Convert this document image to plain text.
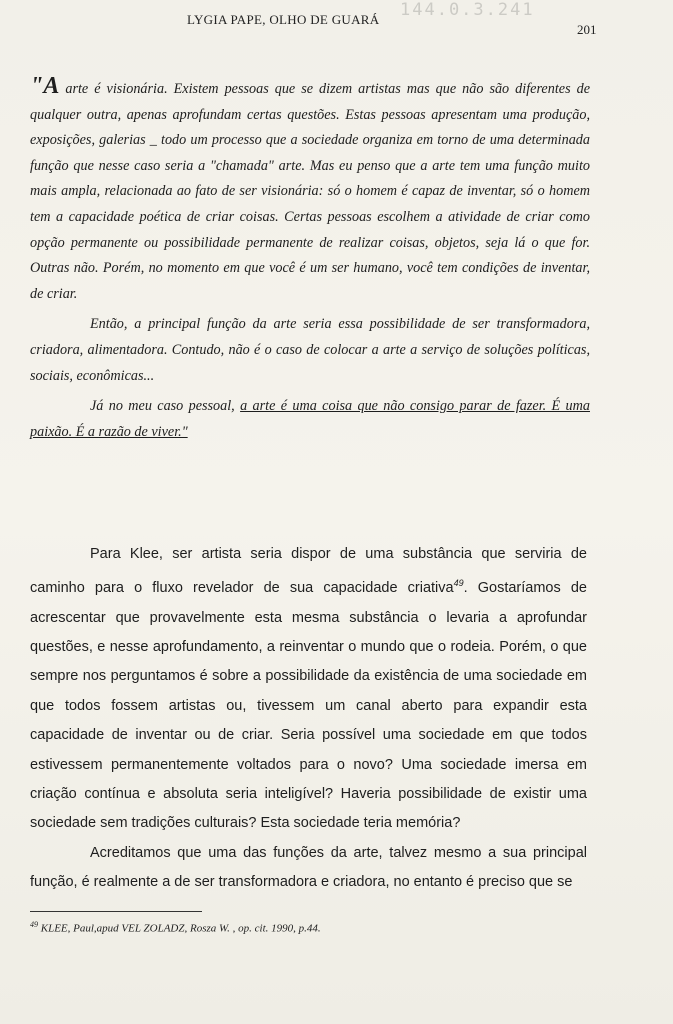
LYGIA PAPE, OLHO DE GUARÁ
201
144.0.3.241

"A arte é visionária. Existem pessoas que se dizem artistas mas que não são diferentes de qualquer outra, apenas aprofundam certas questões. Estas pessoas apresentam uma produção, exposições, galerias _ todo um processo que a sociedade organiza em torno de uma determinada função que nesse caso seria a "chamada" arte. Mas eu penso que a arte tem uma função muito mais ampla, relacionada ao fato de ser visionária: só o homem é capaz de inventar, só o homem tem a capacidade poética de criar coisas. Certas pessoas escolhem a atividade de criar como opção permanente ou possibilidade permanente de realizar coisas, objetos, seja lá o que for. Outras não. Porém, no momento em que você é um ser humano, você tem condições de inventar, de criar.

Então, a principal função da arte seria essa possibilidade de ser transformadora, criadora, alimentadora. Contudo, não é o caso de colocar a arte a serviço de soluções políticas, sociais, econômicas...

Já no meu caso pessoal, a arte é uma coisa que não consigo parar de fazer. É uma paixão. É a razão de viver."

Para Klee, ser artista seria dispor de uma substância que serviria de caminho para o fluxo revelador de sua capacidade criativa$^{49}$. Gostaríamos de acrescentar que provavelmente esta mesma substância o levaria a aprofundar questões, e nesse aprofundamento, a reinventar o mundo que o rodeia. Porém, o que sempre nos perguntamos é sobre a possibilidade da existência de uma sociedade em que todos fossem artistas ou, tivessem um canal aberto para expandir esta capacidade de inventar ou de criar. Seria possível uma sociedade em que todos estivessem permanentemente voltados para o novo? Uma sociedade imersa em criação contínua e absoluta seria inteligível? Haveria possibilidade de existir uma sociedade sem tradições culturais? Esta sociedade teria memória?

Acreditamos que uma das funções da arte, talvez mesmo a sua principal função, é realmente a de ser transformadora e criadora, no entanto é preciso que se

$^{49}$ KLEE, Paul,apud VEL ZOLADZ, Rosza W. , op. cit. 1990, p.44.
